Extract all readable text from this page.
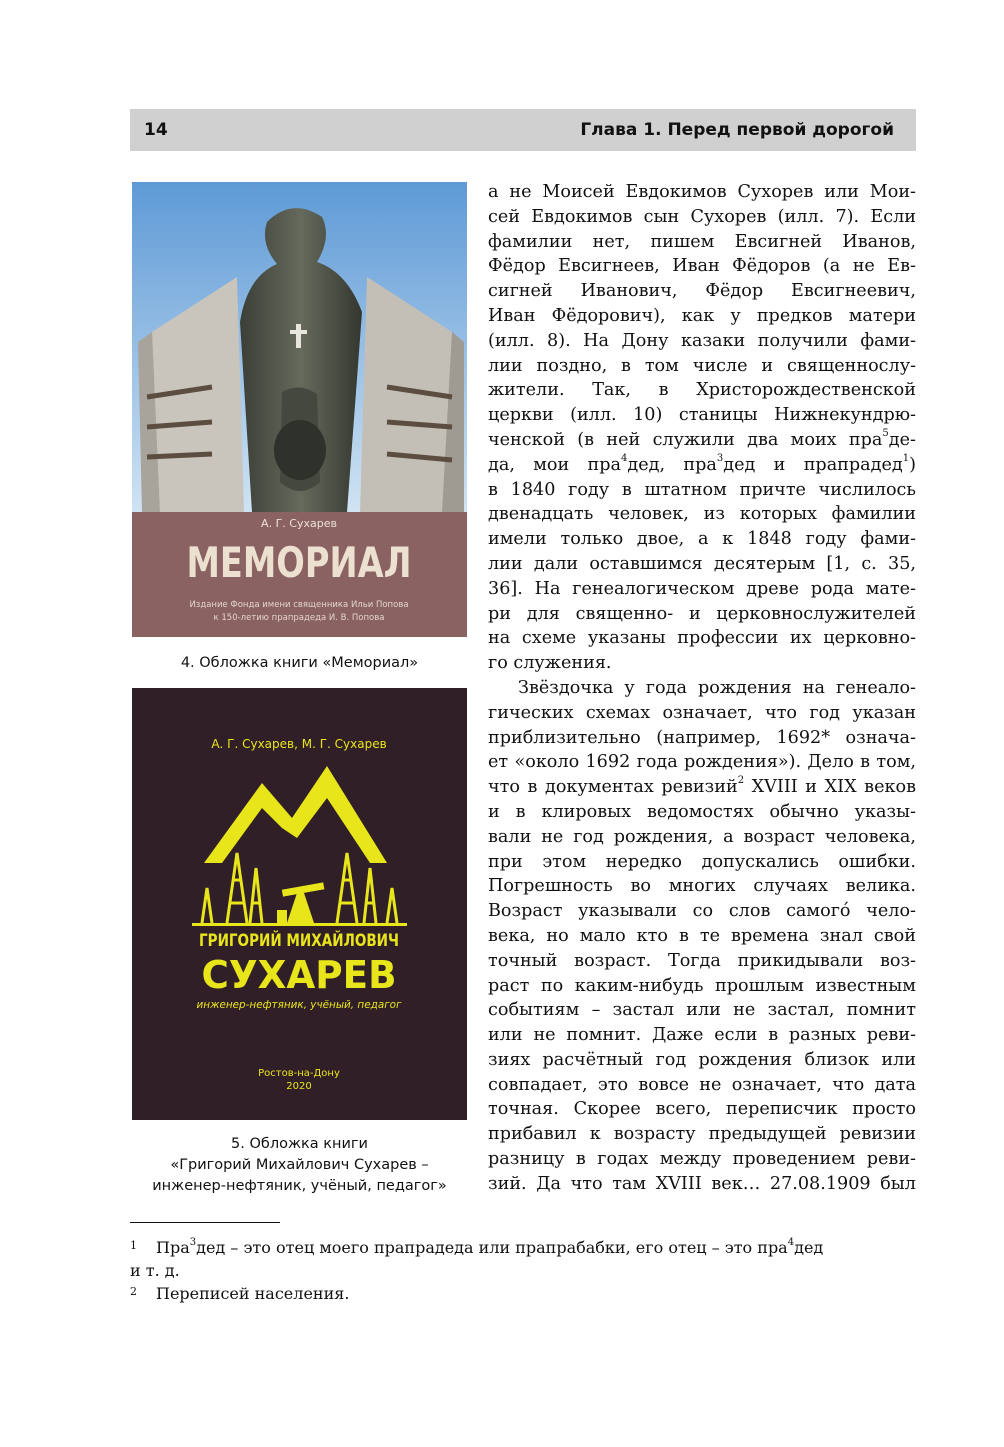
14	Глава 1. Перед первой дорогой
А. Г. Сухарев
МЕМОРИАЛ
Издание Фонда имени священника Ильи Попова
к 150-летию прапрадеда И. В. Попова
4. Обложка книги «Мемориал»
А. Г. Сухарев, М. Г. Сухарев
ГРИГОРИЙ МИХАЙЛОВИЧ
СУХАРЕВ
инженер-нефтяник, учёный, педагог
Ростов-на-Дону
2020
5. Обложка книги
«Григорий Михайлович Сухарев –
инженер-нефтяник, учёный, педагог»
а не Моисей Евдокимов Сухорев или Мои-
сей Евдокимов сын Сухорев (илл. 7). Если
фамилии нет, пишем Евсигней Иванов,
Фёдор Евсигнеев, Иван Фёдоров (а не Ев-
сигней Иванович, Фёдор Евсигнеевич,
Иван Фёдорович), как у предков матери
(илл. 8). На Дону казаки получили фами-
лии поздно, в том числе и священнослу-
жители. Так, в Христорождественской
церкви (илл. 10) станицы Нижнекундрю-
ченской (в ней служили два моих пра$^5$де-
да, мои пра$^4$дед, пра$^3$дед и прапрадед$^1$)
в 1840 году в штатном причте числилось
двенадцать человек, из которых фамилии
имели только двое, а к 1848 году фами-
лии дали оставшимся десятерым [1, с. 35,
36]. На генеалогическом древе рода мате-
ри для священно- и церковнослужителей
на схеме указаны профессии их церковно-
го служения.
Звёздочка у года рождения на генеало-
гических схемах означает, что год указан
приблизительно (например, 1692* означа-
ет «около 1692 года рождения»). Дело в том,
что в документах ревизий$^2$ XVIII и XIX веков
и в клировых ведомостях обычно указы-
вали не год рождения, а возраст человека,
при этом нередко допускались ошибки.
Погрешность во многих случаях велика.
Возраст указывали со слов самого́ чело-
века, но мало кто в те времена знал свой
точный возраст. Тогда прикидывали воз-
раст по каким-нибудь прошлым известным
событиям – застал или не застал, помнит
или не помнит. Даже если в разных реви-
зиях расчётный год рождения близок или
совпадает, это вовсе не означает, что дата
точная. Скорее всего, переписчик просто
прибавил к возрасту предыдущей ревизии
разницу в годах между проведением реви-
зий. Да что там XVIII век… 27.08.1909 был
1 Пра$^3$дед – это отец моего прапрадеда или прапрабабки, его отец – это пра$^4$дед
и т. д.
2 Переписей населения.
